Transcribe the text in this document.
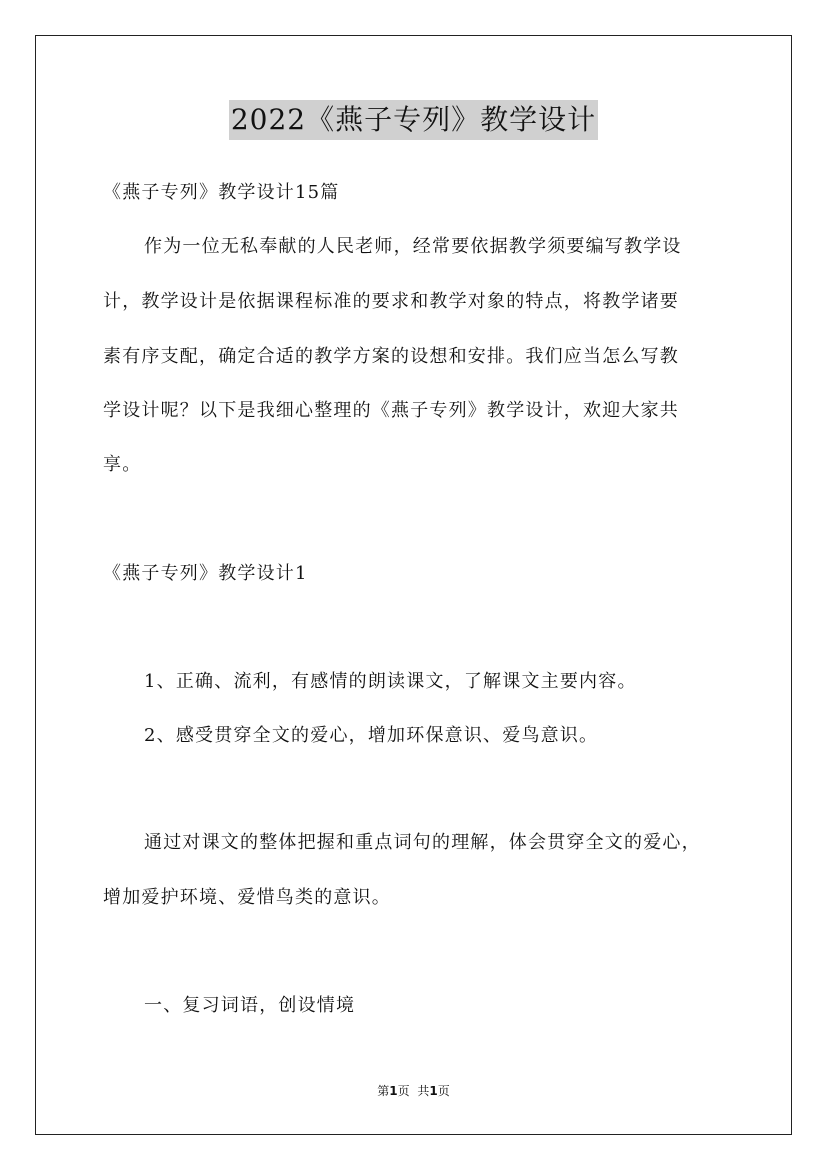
2022《燕子专列》教学设计
《燕子专列》教学设计15篇
作为一位无私奉献的人民老师，经常要依据教学须要编写教学设
计，教学设计是依据课程标准的要求和教学对象的特点，将教学诸要
素有序支配，确定合适的教学方案的设想和安排。我们应当怎么写教
学设计呢？以下是我细心整理的《燕子专列》教学设计，欢迎大家共
享。
《燕子专列》教学设计1
1、正确、流利，有感情的朗读课文，了解课文主要内容。
2、感受贯穿全文的爱心，增加环保意识、爱鸟意识。
通过对课文的整体把握和重点词句的理解，体会贯穿全文的爱心，
增加爱护环境、爱惜鸟类的意识。
一、复习词语，创设情境
第1页 共1页
